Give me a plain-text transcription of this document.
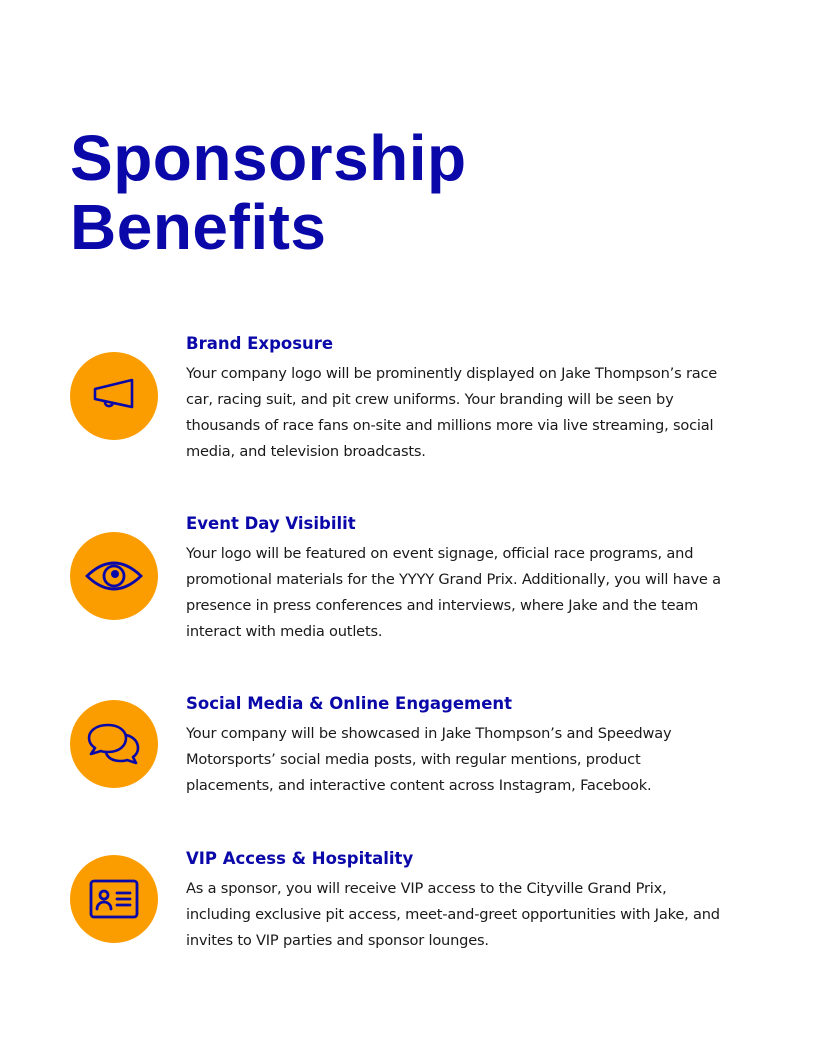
Sponsorship
Benefits
Brand Exposure

Your company logo will be prominently displayed on Jake Thompson’s race car, racing suit, and pit crew uniforms. Your branding will be seen by thousands of race fans on-site and millions more via live streaming, social media, and television broadcasts.

Event Day Visibilit

Your logo will be featured on event signage, official race programs, and promotional materials for the YYYY Grand Prix. Additionally, you will have a presence in press conferences and interviews, where Jake and the team interact with media outlets.

Social Media & Online Engagement

Your company will be showcased in Jake Thompson’s and Speedway Motorsports’ social media posts, with regular mentions, product placements, and interactive content across Instagram, Facebook.

VIP Access & Hospitality

As a sponsor, you will receive VIP access to the Cityville Grand Prix, including exclusive pit access, meet-and-greet opportunities with Jake, and invites to VIP parties and sponsor lounges.
